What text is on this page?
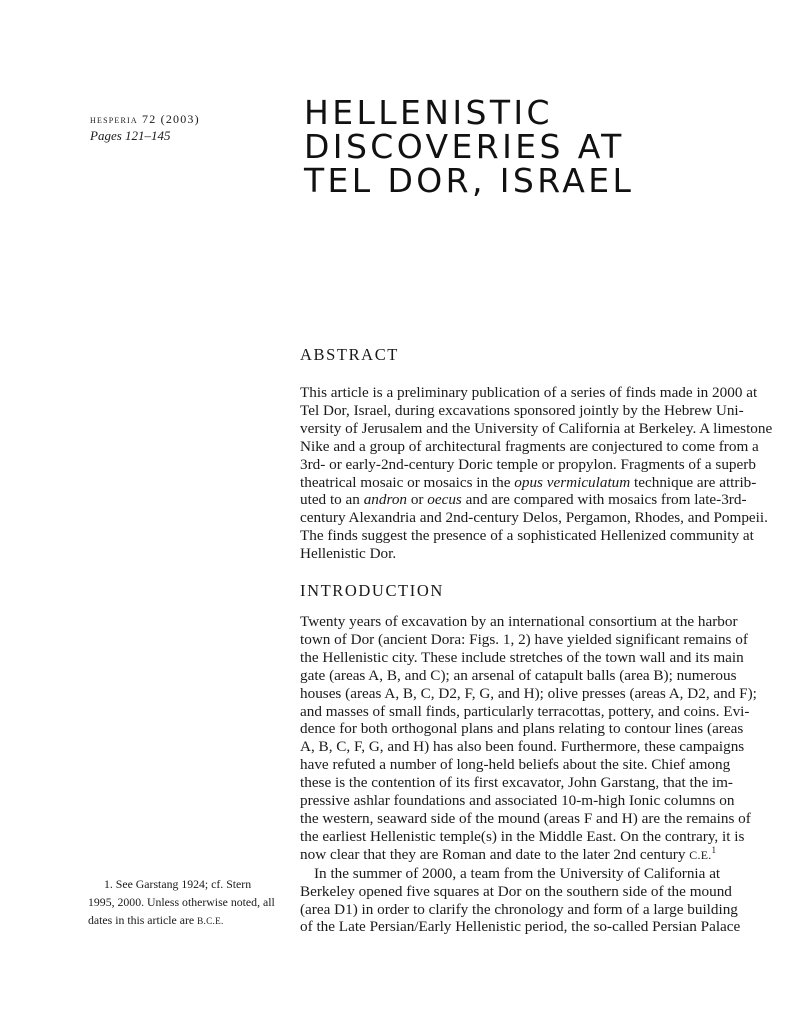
hesperia 72 (2003)
Pages 121–145
HELLENISTIC
DISCOVERIES AT
TEL DOR, ISRAEL
ABSTRACT
This article is a preliminary publication of a series of finds made in 2000 at
Tel Dor, Israel, during excavations sponsored jointly by the Hebrew Uni-
versity of Jerusalem and the University of California at Berkeley. A limestone
Nike and a group of architectural fragments are conjectured to come from a
3rd- or early-2nd-century Doric temple or propylon. Fragments of a superb
theatrical mosaic or mosaics in the opus vermiculatum technique are attrib-
uted to an andron or oecus and are compared with mosaics from late-3rd-
century Alexandria and 2nd-century Delos, Pergamon, Rhodes, and Pompeii.
The finds suggest the presence of a sophisticated Hellenized community at
Hellenistic Dor.
INTRODUCTION
Twenty years of excavation by an international consortium at the harbor
town of Dor (ancient Dora: Figs. 1, 2) have yielded significant remains of
the Hellenistic city. These include stretches of the town wall and its main
gate (areas A, B, and C); an arsenal of catapult balls (area B); numerous
houses (areas A, B, C, D2, F, G, and H); olive presses (areas A, D2, and F);
and masses of small finds, particularly terracottas, pottery, and coins. Evi-
dence for both orthogonal plans and plans relating to contour lines (areas
A, B, C, F, G, and H) has also been found. Furthermore, these campaigns
have refuted a number of long-held beliefs about the site. Chief among
these is the contention of its first excavator, John Garstang, that the im-
pressive ashlar foundations and associated 10-m-high Ionic columns on
the western, seaward side of the mound (areas F and H) are the remains of
the earliest Hellenistic temple(s) in the Middle East. On the contrary, it is
now clear that they are Roman and date to the later 2nd century C.E.$^1$
In the summer of 2000, a team from the University of California at
Berkeley opened five squares at Dor on the southern side of the mound
(area D1) in order to clarify the chronology and form of a large building
of the Late Persian/Early Hellenistic period, the so-called Persian Palace
1. See Garstang 1924; cf. Stern
1995, 2000. Unless otherwise noted, all
dates in this article are B.C.E.
